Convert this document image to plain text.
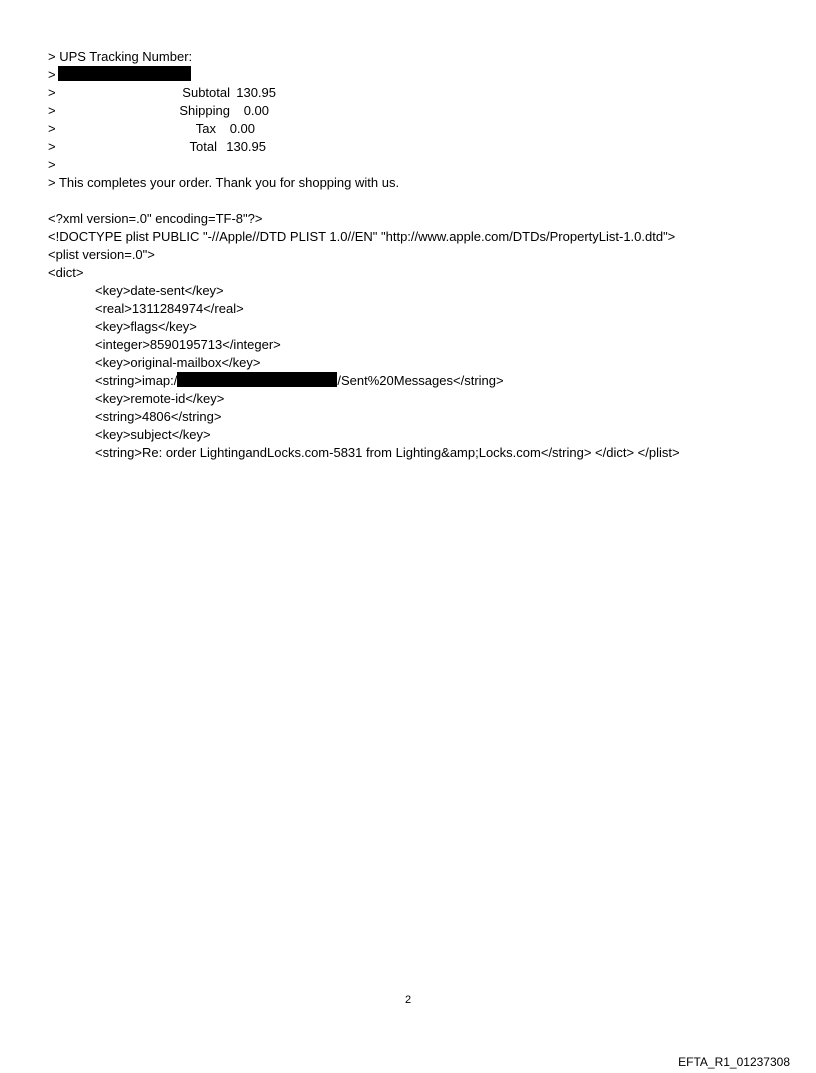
> UPS Tracking Number:
>
>
>
>
>
>
Subtotal 130.95
Shipping	0.00
Tax	0.00
Total 130.95
> This completes your order. Thank you for shopping with us.
<?xml version=.0" encoding=TF-8"?>
<!DOCTYPE plist PUBLIC "-//Apple//DTD PLIST 1.0//EN" "http://www.apple.com/DTDs/PropertyList-1.0.dtd">
<plist version=.0">
<dict>
<key>date-sent</key>
<real>1311284974</real>
<key>flags</key>
<integer>8590195713</integer>
<key>original-mailbox</key>
<string>imap:/	/Sent%20Messages</string>
<key>remote-id</key>
<string>4806</string>
<key>subject</key>
<string>Re: order LightingandLocks.com-5831 from Lighting&amp;Locks.com</string> </dict> </plist>
2
EFTA_R1_01237308
